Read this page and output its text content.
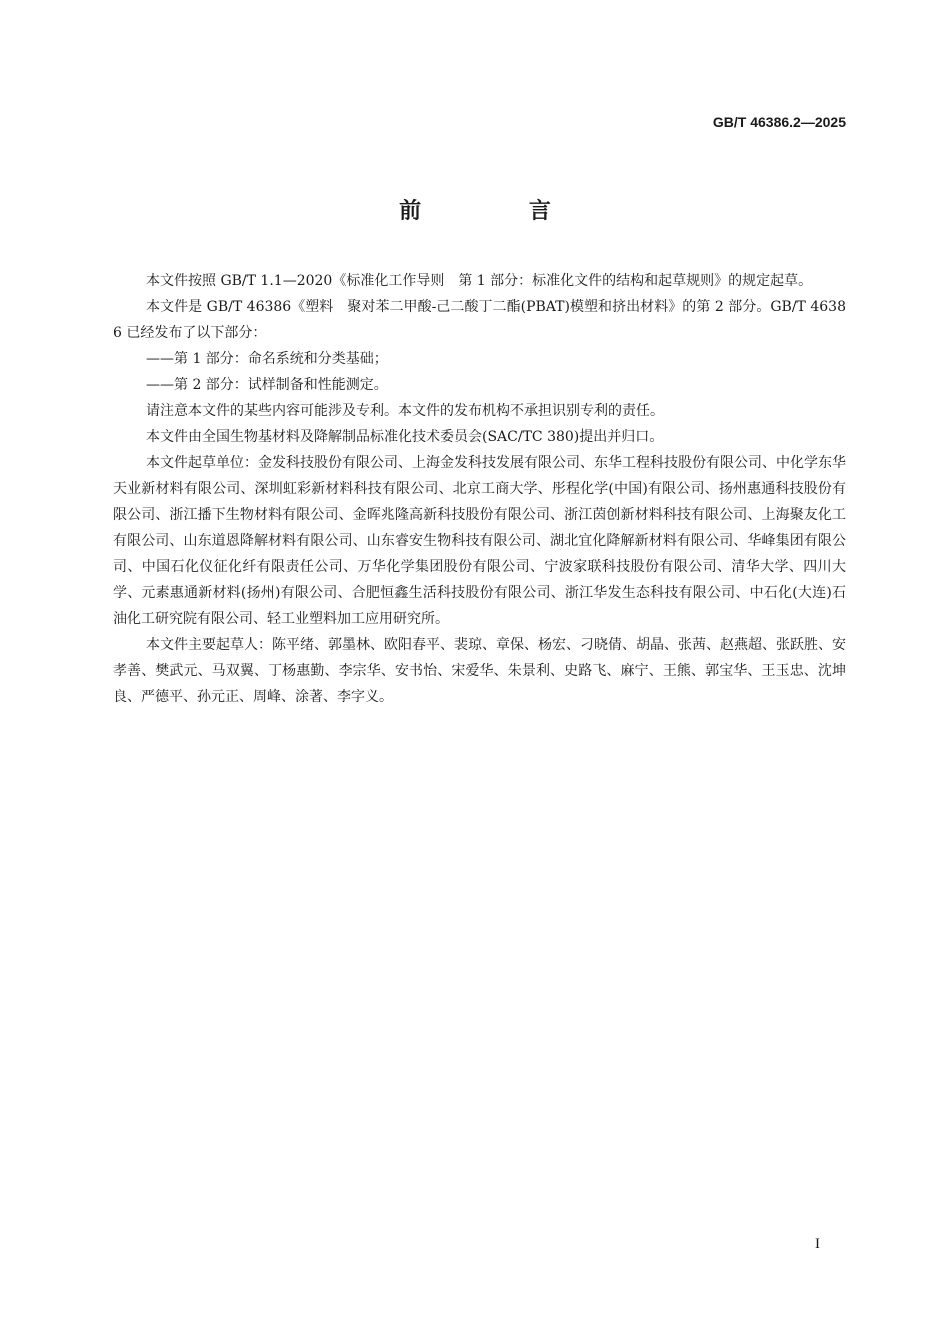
GB/T 46386.2—2025
前 言

本文件按照 GB/T 1.1—2020《标准化工作导则　第 1 部分：标准化文件的结构和起草规则》的规定起草。

本文件是 GB/T 46386《塑料　聚对苯二甲酸-己二酸丁二酯(PBAT)模塑和挤出材料》的第 2 部分。GB/T 46386 已经发布了以下部分：

——第 1 部分：命名系统和分类基础；

——第 2 部分：试样制备和性能测定。

请注意本文件的某些内容可能涉及专利。本文件的发布机构不承担识别专利的责任。

本文件由全国生物基材料及降解制品标准化技术委员会(SAC/TC 380)提出并归口。

本文件起草单位：金发科技股份有限公司、上海金发科技发展有限公司、东华工程科技股份有限公司、中化学东华天业新材料有限公司、深圳虹彩新材料科技有限公司、北京工商大学、彤程化学(中国)有限公司、扬州惠通科技股份有限公司、浙江播下生物材料有限公司、金晖兆隆高新科技股份有限公司、浙江茵创新材料科技有限公司、上海聚友化工有限公司、山东道恩降解材料有限公司、山东睿安生物科技有限公司、湖北宜化降解新材料有限公司、华峰集团有限公司、中国石化仪征化纤有限责任公司、万华化学集团股份有限公司、宁波家联科技股份有限公司、清华大学、四川大学、元素惠通新材料(扬州)有限公司、合肥恒鑫生活科技股份有限公司、浙江华发生态科技有限公司、中石化(大连)石油化工研究院有限公司、轻工业塑料加工应用研究所。

本文件主要起草人：陈平绪、郭墨林、欧阳春平、裴琼、章保、杨宏、刁晓倩、胡晶、张茜、赵燕超、张跃胜、安孝善、樊武元、马双翼、丁杨惠勤、李宗华、安书怡、宋爱华、朱景利、史路飞、麻宁、王熊、郭宝华、王玉忠、沈坤良、严德平、孙元正、周峰、涂著、李字义。

I
